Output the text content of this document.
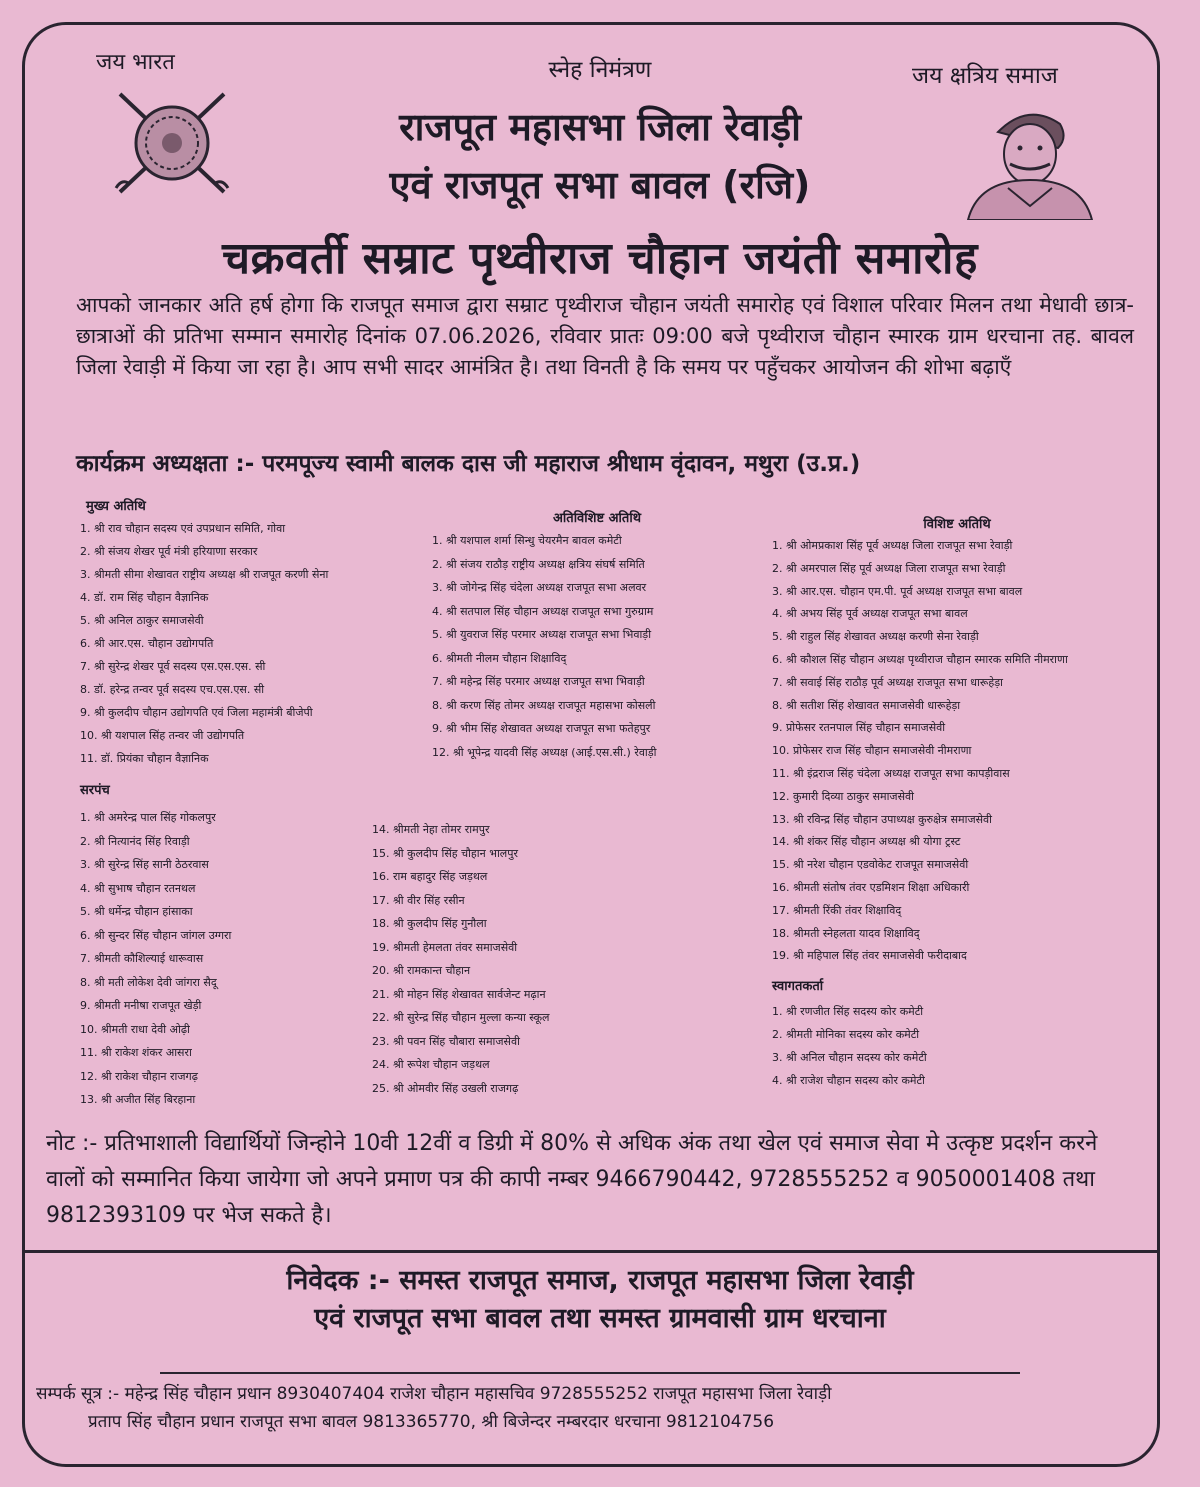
जय भारत	स्नेह निमंत्रण	जय क्षत्रिय समाज
राजपूत महासभा जिला रेवाड़ी
एवं राजपूत सभा बावल (रजि)
चक्रवर्ती सम्राट पृथ्वीराज चौहान जयंती समारोह
आपको जानकार अति हर्ष होगा कि राजपूत समाज द्वारा सम्राट पृथ्वीराज चौहान जयंती समारोह एवं विशाल परिवार मिलन तथा मेधावी छात्र-छात्राओं की प्रतिभा सम्मान समारोह दिनांक 07.06.2026, रविवार प्रातः 09:00 बजे पृथ्वीराज चौहान स्मारक ग्राम धरचाना तह. बावल जिला रेवाड़ी में किया जा रहा है। आप सभी सादर आमंत्रित है। तथा विनती है कि समय पर पहुँचकर आयोजन की शोभा बढ़ाएँ
कार्यक्रम अध्यक्षता :- परमपूज्य स्वामी बालक दास जी महाराज श्रीधाम वृंदावन, मथुरा (उ.प्र.)
मुख्य अतिथि
1. श्री राव चौहान सदस्य एवं उपप्रधान समिति, गोवा
2. श्री संजय शेखर पूर्व मंत्री हरियाणा सरकार
3. श्रीमती सीमा शेखावत राष्ट्रीय अध्यक्ष श्री राजपूत करणी सेना
4. डॉ. राम सिंह चौहान वैज्ञानिक
5. श्री अनिल ठाकुर समाजसेवी
6. श्री आर.एस. चौहान उद्योगपति
7. श्री सुरेन्द्र शेखर पूर्व सदस्य एस.एस.एस. सी
8. डॉ. हरेन्द्र तन्वर पूर्व सदस्य एच.एस.एस. सी
9. श्री कुलदीप चौहान उद्योगपति एवं जिला महामंत्री बीजेपी
10. श्री यशपाल सिंह तन्वर जी उद्योगपति
11. डॉ. प्रियंका चौहान वैज्ञानिक
अतिविशिष्ट अतिथि
1. श्री यशपाल शर्मा सिन्धु चेयरमैन बावल कमेटी
2. श्री संजय राठौड़ राष्ट्रीय अध्यक्ष क्षत्रिय संघर्ष समिति
3. श्री जोगेन्द्र सिंह चंदेला अध्यक्ष राजपूत सभा अलवर
4. श्री सतपाल सिंह चौहान अध्यक्ष राजपूत सभा गुरुग्राम
5. श्री युवराज सिंह परमार अध्यक्ष राजपूत सभा भिवाड़ी
6. श्रीमती नीलम चौहान शिक्षाविद्
7. श्री महेन्द्र सिंह परमार अध्यक्ष राजपूत सभा भिवाड़ी
8. श्री करण सिंह तोमर अध्यक्ष राजपूत महासभा कोसली
9. श्री भीम सिंह शेखावत अध्यक्ष राजपूत सभा फतेहपुर
12. श्री भूपेन्द्र यादवी सिंह अध्यक्ष (आई.एस.सी.) रेवाड़ी
विशिष्ट अतिथि
1. श्री ओमप्रकाश सिंह पूर्व अध्यक्ष जिला राजपूत सभा रेवाड़ी
2. श्री अमरपाल सिंह पूर्व अध्यक्ष जिला राजपूत सभा रेवाड़ी
3. श्री आर.एस. चौहान एम.पी. पूर्व अध्यक्ष राजपूत सभा बावल
4. श्री अभय सिंह पूर्व अध्यक्ष राजपूत सभा बावल
5. श्री राहुल सिंह शेखावत अध्यक्ष करणी सेना रेवाड़ी
6. श्री कौशल सिंह चौहान अध्यक्ष पृथ्वीराज चौहान स्मारक समिति नीमराणा
7. श्री सवाई सिंह राठौड़ पूर्व अध्यक्ष राजपूत सभा धारूहेड़ा
8. श्री सतीश सिंह शेखावत समाजसेवी धारूहेड़ा
9. प्रोफेसर रतनपाल सिंह चौहान समाजसेवी
10. प्रोफेसर राज सिंह चौहान समाजसेवी नीमराणा
11. श्री इंद्रराज सिंह चंदेला अध्यक्ष राजपूत सभा कापड़ीवास
12. कुमारी दिव्या ठाकुर समाजसेवी
13. श्री रविन्द्र सिंह चौहान उपाध्यक्ष कुरुक्षेत्र समाजसेवी
14. श्री शंकर सिंह चौहान अध्यक्ष श्री योगा ट्रस्ट
15. श्री नरेश चौहान एडवोकेट राजपूत समाजसेवी
16. श्रीमती संतोष तंवर एडमिशन शिक्षा अधिकारी
17. श्रीमती रिंकी तंवर शिक्षाविद्
18. श्रीमती स्नेहलता यादव शिक्षाविद्
19. श्री महिपाल सिंह तंवर समाजसेवी फरीदाबाद
सरपंच
1. श्री अमरेन्द्र पाल सिंह गोकलपुर
2. श्री नित्यानंद सिंह रिवाड़ी
3. श्री सुरेन्द्र सिंह सानी ठेठरवास
4. श्री सुभाष चौहान रतनथल
5. श्री धर्मेन्द्र चौहान हांसाका
6. श्री सुन्दर सिंह चौहान जांगल उग्गरा
7. श्रीमती कौशिल्याई धारूवास
8. श्री मती लोकेश देवी जांगरा सैदू
9. श्रीमती मनीषा राजपूत खेड़ी
10. श्रीमती राधा देवी ओढ़ी
11. श्री राकेश शंकर आसरा
12. श्री राकेश चौहान राजगढ़
13. श्री अजीत सिंह बिरहाना
14. श्रीमती नेहा तोमर रामपुर
15. श्री कुलदीप सिंह चौहान भालपुर
16. राम बहादुर सिंह जड़थल
17. श्री वीर सिंह रसीन
18. श्री कुलदीप सिंह गुनौला
19. श्रीमती हेमलता तंवर समाजसेवी
20. श्री रामकान्त चौहान
21. श्री मोहन सिंह शेखावत सार्वजेन्ट मढ़ान
22. श्री सुरेन्द्र सिंह चौहान मुल्ला कन्या स्कूल
23. श्री पवन सिंह चौबारा समाजसेवी
24. श्री रूपेश चौहान जड़थल
25. श्री ओमवीर सिंह उखली राजगढ़
स्वागतकर्ता
1. श्री रणजीत सिंह सदस्य कोर कमेटी
2. श्रीमती मोनिका सदस्य कोर कमेटी
3. श्री अनिल चौहान सदस्य कोर कमेटी
4. श्री राजेश चौहान सदस्य कोर कमेटी
नोट :- प्रतिभाशाली विद्यार्थियों जिन्होने 10वी 12वीं व डिग्री में 80% से अधिक अंक तथा खेल एवं समाज सेवा मे उत्कृष्ट प्रदर्शन करने वालों को सम्मानित किया जायेगा जो अपने प्रमाण पत्र की कापी नम्बर 9466790442, 9728555252 व 9050001408 तथा 9812393109 पर भेज सकते है।
निवेदक :- समस्त राजपूत समाज, राजपूत महासभा जिला रेवाड़ी
एवं राजपूत सभा बावल तथा समस्त ग्रामवासी ग्राम धरचाना
सम्पर्क सूत्र :- महेन्द्र सिंह चौहान प्रधान 8930407404 राजेश चौहान महासचिव 9728555252 राजपूत महासभा जिला रेवाड़ी
प्रताप सिंह चौहान प्रधान राजपूत सभा बावल 9813365770, श्री बिजेन्दर नम्बरदार धरचाना 9812104756
